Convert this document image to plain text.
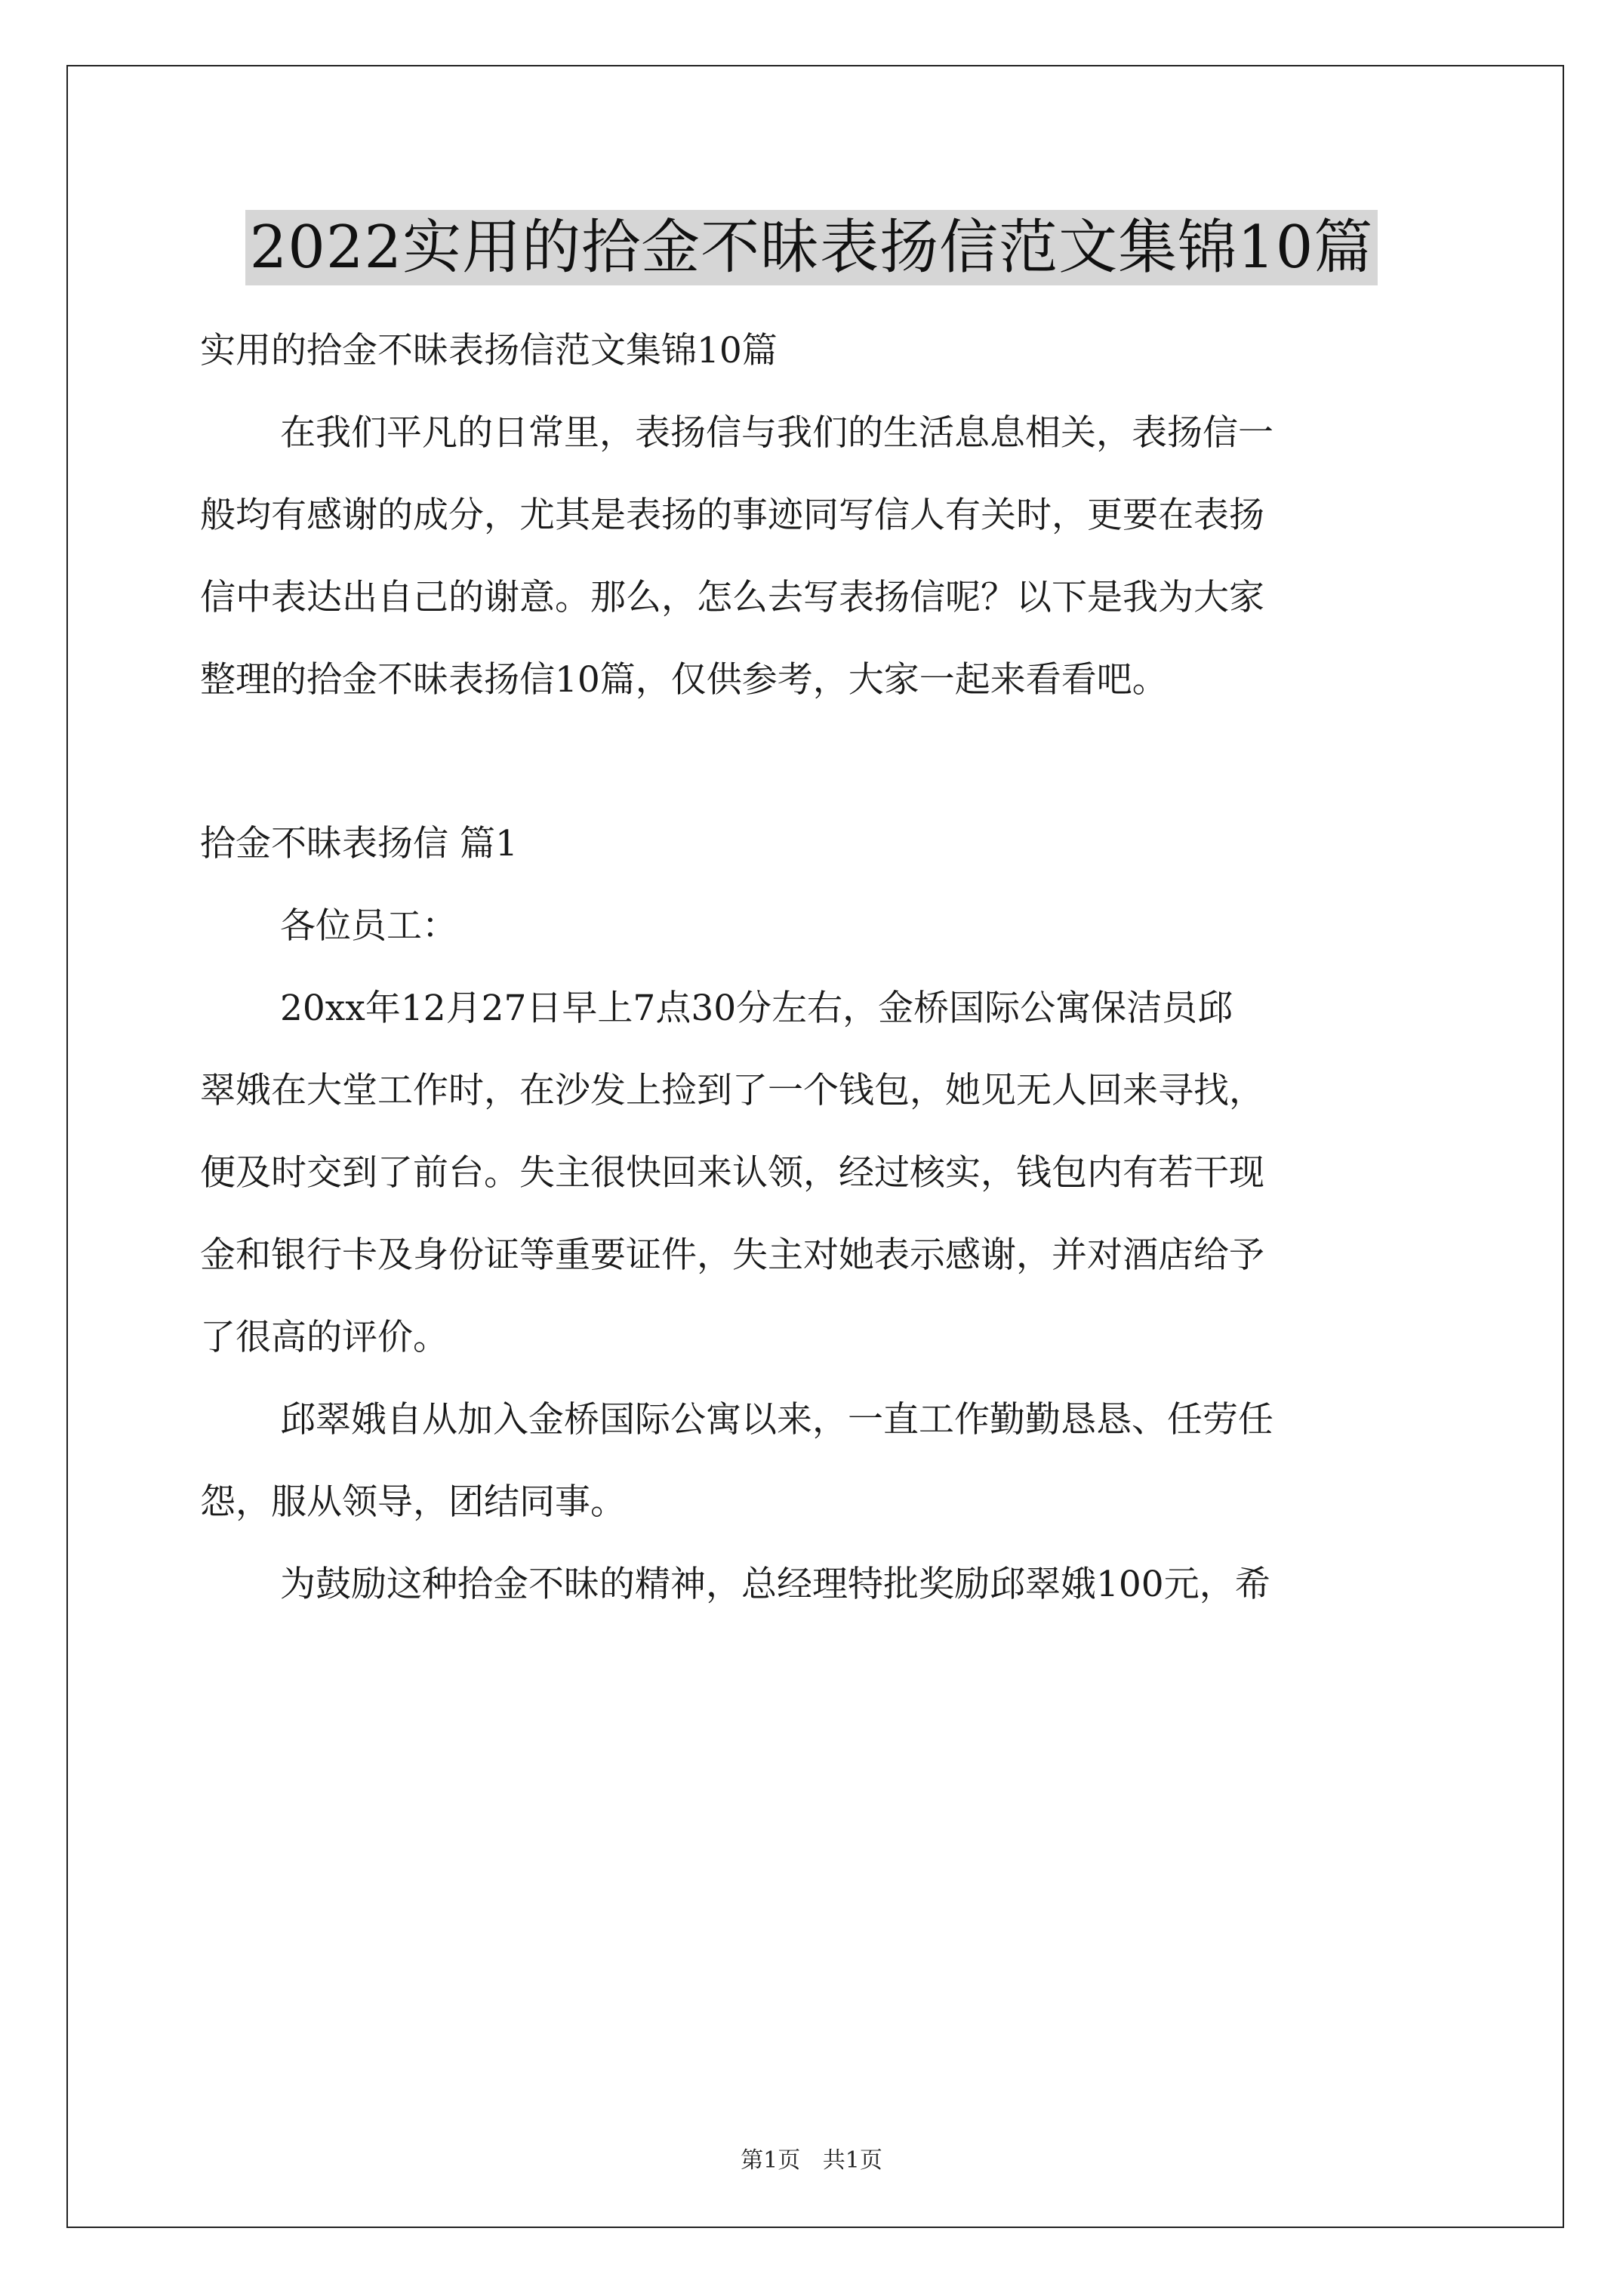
2022实用的拾金不昧表扬信范文集锦10篇
实用的拾金不昧表扬信范文集锦10篇
在我们平凡的日常里，表扬信与我们的生活息息相关，表扬信一
般均有感谢的成分，尤其是表扬的事迹同写信人有关时，更要在表扬
信中表达出自己的谢意。那么，怎么去写表扬信呢？以下是我为大家
整理的拾金不昧表扬信10篇，仅供参考，大家一起来看看吧。
拾金不昧表扬信 篇1
各位员工：
20xx年12月27日早上7点30分左右，金桥国际公寓保洁员邱
翠娥在大堂工作时，在沙发上捡到了一个钱包，她见无人回来寻找，
便及时交到了前台。失主很快回来认领，经过核实，钱包内有若干现
金和银行卡及身份证等重要证件，失主对她表示感谢，并对酒店给予
了很高的评价。
邱翠娥自从加入金桥国际公寓以来，一直工作勤勤恳恳、任劳任
怨，服从领导，团结同事。
为鼓励这种拾金不昧的精神，总经理特批奖励邱翠娥100元，希
第1页 共1页
